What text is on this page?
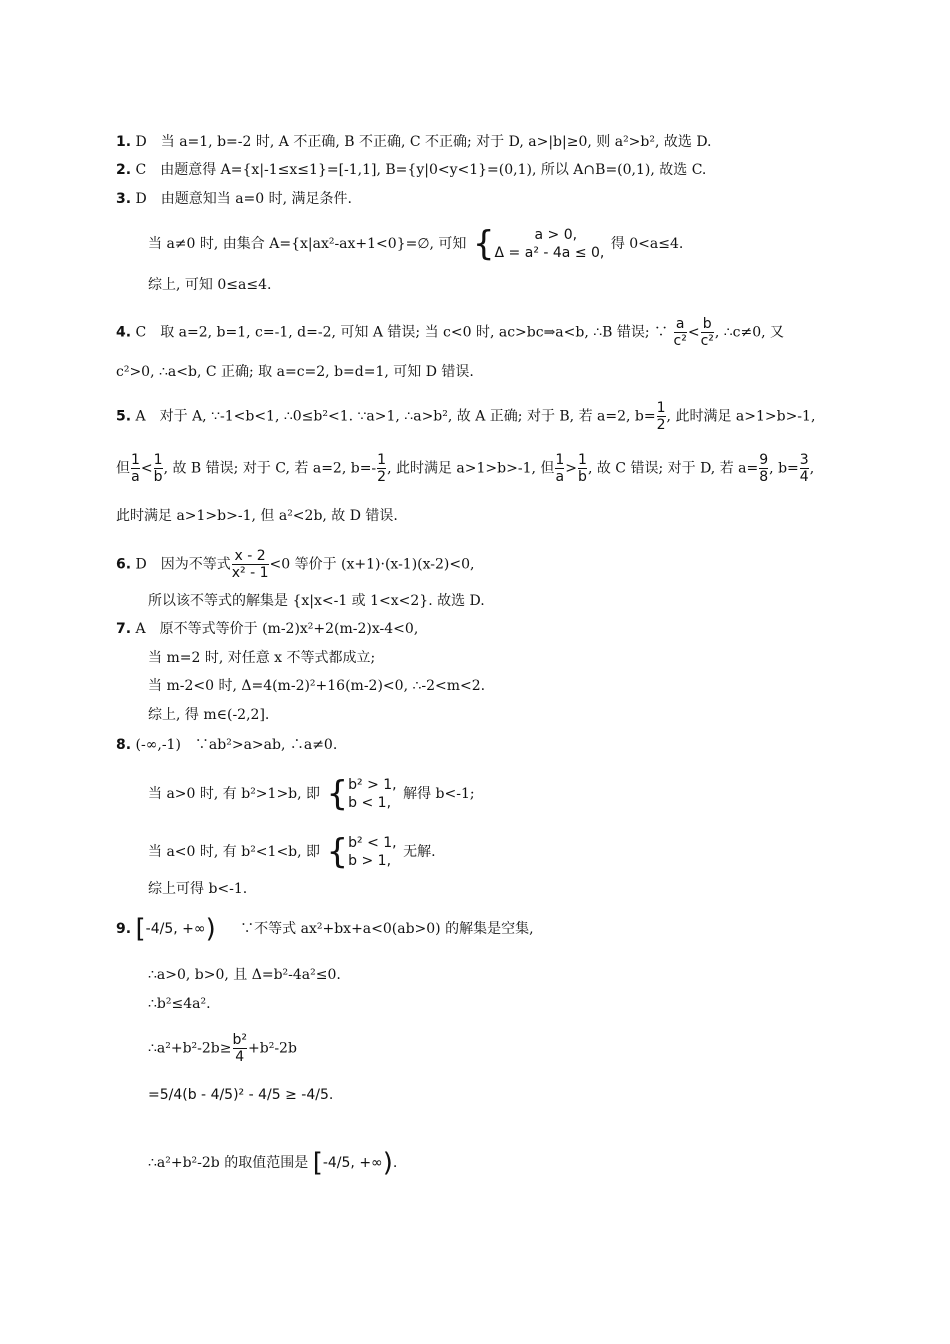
1. D　当 a=1, b=-2 时, A 不正确, B 不正确, C 不正确; 对于 D, a>|b|≥0, 则 a²>b², 故选 D.
2. C　由题意得 A={x|-1≤x≤1}=[-1,1], B={y|0<y<1}=(0,1), 所以 A∩B=(0,1), 故选 C.
3. D　由题意知当 a=0 时, 满足条件.
当 a≠0 时, 由集合 A={x|ax²-ax+1<0}=∅, 可知 {	a > 0,
Δ = a² - 4a ≤ 0,
得 0<a≤4.
综上, 可知 0≤a≤4.
4. C　取 a=2, b=1, c=-1, d=-2, 可知 A 错误; 当 c<0 时, ac>bc⇒a<b, ∴B 错误; ∵ $\frac{a}{\text{c²}} < \frac{b}{\text{c²}}$ , ∴c≠0, 又
c²>0, ∴a<b, C 正确; 取 a=c=2, b=d=1, 可知 D 错误.
5. A　对于 A, ∵-1<b<1, ∴0≤b²<1. ∵a>1, ∴a>b², 故 A 正确; 对于 B, 若 a=2, $b= \frac{1}{2}$ , 此时满足 a>1>b>-1,
但 $\frac{1}{a} < \frac{1}{b}$ , 故 B 错误; 对于 C, 若 a=2, $b=- \frac{1}{2}$ , 此时满足 a>1>b>-1, 但 $\frac{1}{a} > \frac{1}{b}$ , 故 C 错误; 对于 D, 若 $a= \frac{9}{8}$ , $b= \frac{3}{4}$ ,
此时满足 a>1>b>-1, 但 a²<2b, 故 D 错误.
6. D　因为不等式 $\frac{x - 2}{\text{x² - 1}} <0$ 等价于 (x+1)·(x-1)(x-2)<0,
所以该不等式的解集是 {x|x<-1 或 1<x<2}. 故选 D.
7. A　原不等式等价于 (m-2)x²+2(m-2)x-4<0,
当 m=2 时, 对任意 x 不等式都成立;
当 m-2<0 时, Δ=4(m-2)²+16(m-2)<0, ∴-2<m<2.
综上, 得 m∈(-2,2].
8. (-∞,-1)　∵ab²>a>ab, ∴a≠0.
当 a>0 时, 有 b²>1>b, 即 { b² > 1,
b < 1,
解得 b<-1;
当 a<0 时, 有 b²<1<b, 即 { b² < 1,
b > 1,
无解.
综上可得 b<-1.
9. [-4/5, +∞) ∵不等式 ax²+bx+a<0(ab>0) 的解集是空集,
∴a>0, b>0, 且 Δ=b²-4a²≤0.
∴b²≤4a².
∴a²+b²-2b≥ $\frac{\text{b²}}{4} +b^2-2b$
=5/4(b - 4/5)² - 4/5 ≥ -4/5.
∴a²+b²-2b 的取值范围是 [-4/5, +∞).
